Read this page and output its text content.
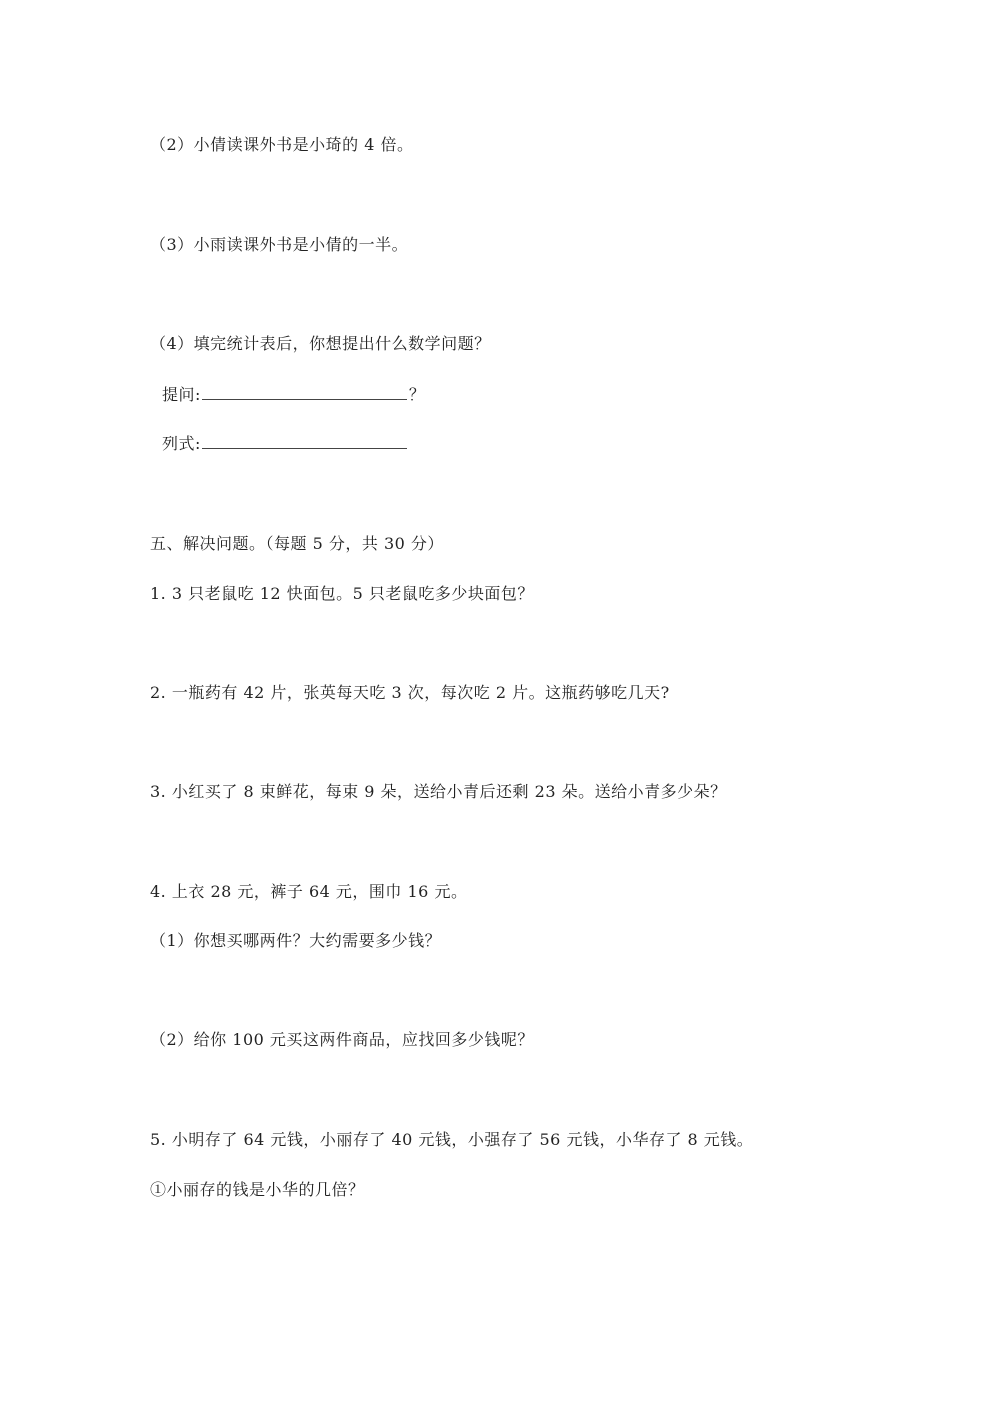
（2）小倩读课外书是小琦的 4 倍。
（3）小雨读课外书是小倩的一半。
（4）填完统计表后，你想提出什么数学问题？
提问:	？
列式:
五、解决问题。（每题 5 分，共 30 分）
1. 3 只老鼠吃 12 快面包。5 只老鼠吃多少块面包？
2. 一瓶药有 42 片，张英每天吃 3 次，每次吃 2 片。这瓶药够吃几天?
3. 小红买了 8 束鲜花，每束 9 朵，送给小青后还剩 23 朵。送给小青多少朵？
4. 上衣 28 元，裤子 64 元，围巾 16 元。
（1）你想买哪两件？大约需要多少钱？
（2）给你 100 元买这两件商品，应找回多少钱呢？
5. 小明存了 64 元钱，小丽存了 40 元钱，小强存了 56 元钱，小华存了 8 元钱。
①小丽存的钱是小华的几倍？
